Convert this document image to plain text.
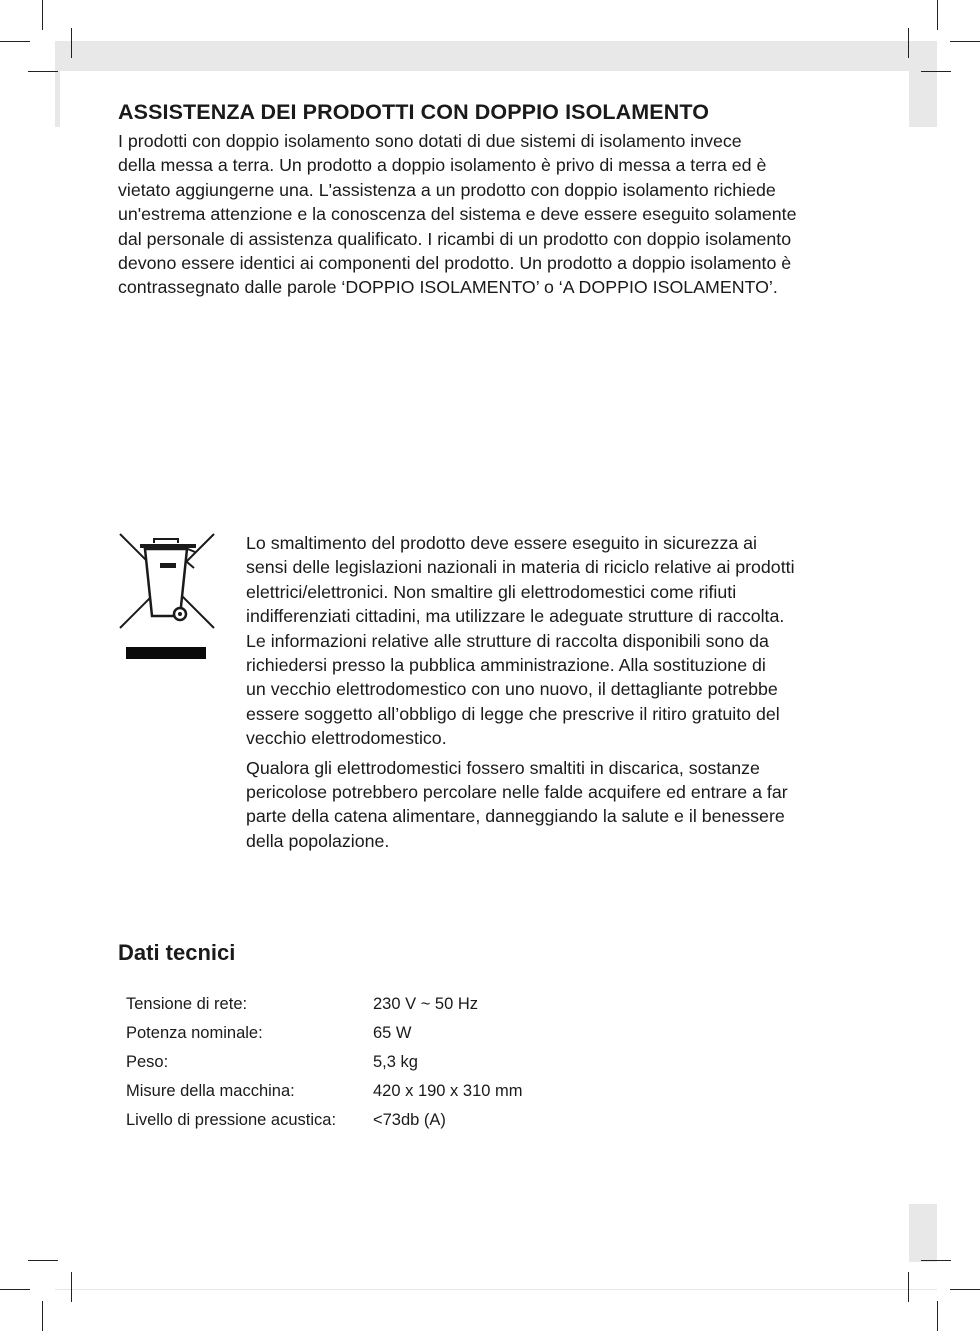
ASSISTENZA DEI PRODOTTI CON DOPPIO ISOLAMENTO
I prodotti con doppio isolamento sono dotati di due sistemi di isolamento invece
della messa a terra. Un prodotto a doppio isolamento è privo di messa a terra ed è
vietato aggiungerne una. L'assistenza a un prodotto con doppio isolamento richiede
un'estrema attenzione e la conoscenza del sistema e deve essere eseguito solamente
dal personale di assistenza qualificato. I ricambi di un prodotto con doppio isolamento
devono essere identici ai componenti del prodotto. Un prodotto a doppio isolamento è
contrassegnato dalle parole ‘DOPPIO ISOLAMENTO’ o ‘A DOPPIO ISOLAMENTO’.

Lo smaltimento del prodotto deve essere eseguito in sicurezza ai
sensi delle legislazioni nazionali in materia di riciclo relative ai prodotti
elettrici/elettronici. Non smaltire gli elettrodomestici come rifiuti
indifferenziati cittadini, ma utilizzare le adeguate strutture di raccolta.
Le informazioni relative alle strutture di raccolta disponibili sono da
richiedersi presso la pubblica amministrazione. Alla sostituzione di
un vecchio elettrodomestico con uno nuovo, il dettagliante potrebbe
essere soggetto all’obbligo di legge che prescrive il ritiro gratuito del
vecchio elettrodomestico.

Qualora gli elettrodomestici fossero smaltiti in discarica, sostanze
pericolose potrebbero percolare nelle falde acquifere ed entrare a far
parte della catena alimentare, danneggiando la salute e il benessere
della popolazione.

Dati tecnici
Tensione di rete:	230 V ~ 50 Hz
Potenza nominale:	65 W
Peso:	5,3 kg
Misure della macchina:	420 x 190 x 310 mm
Livello di pressione acustica:	<73db (A)
